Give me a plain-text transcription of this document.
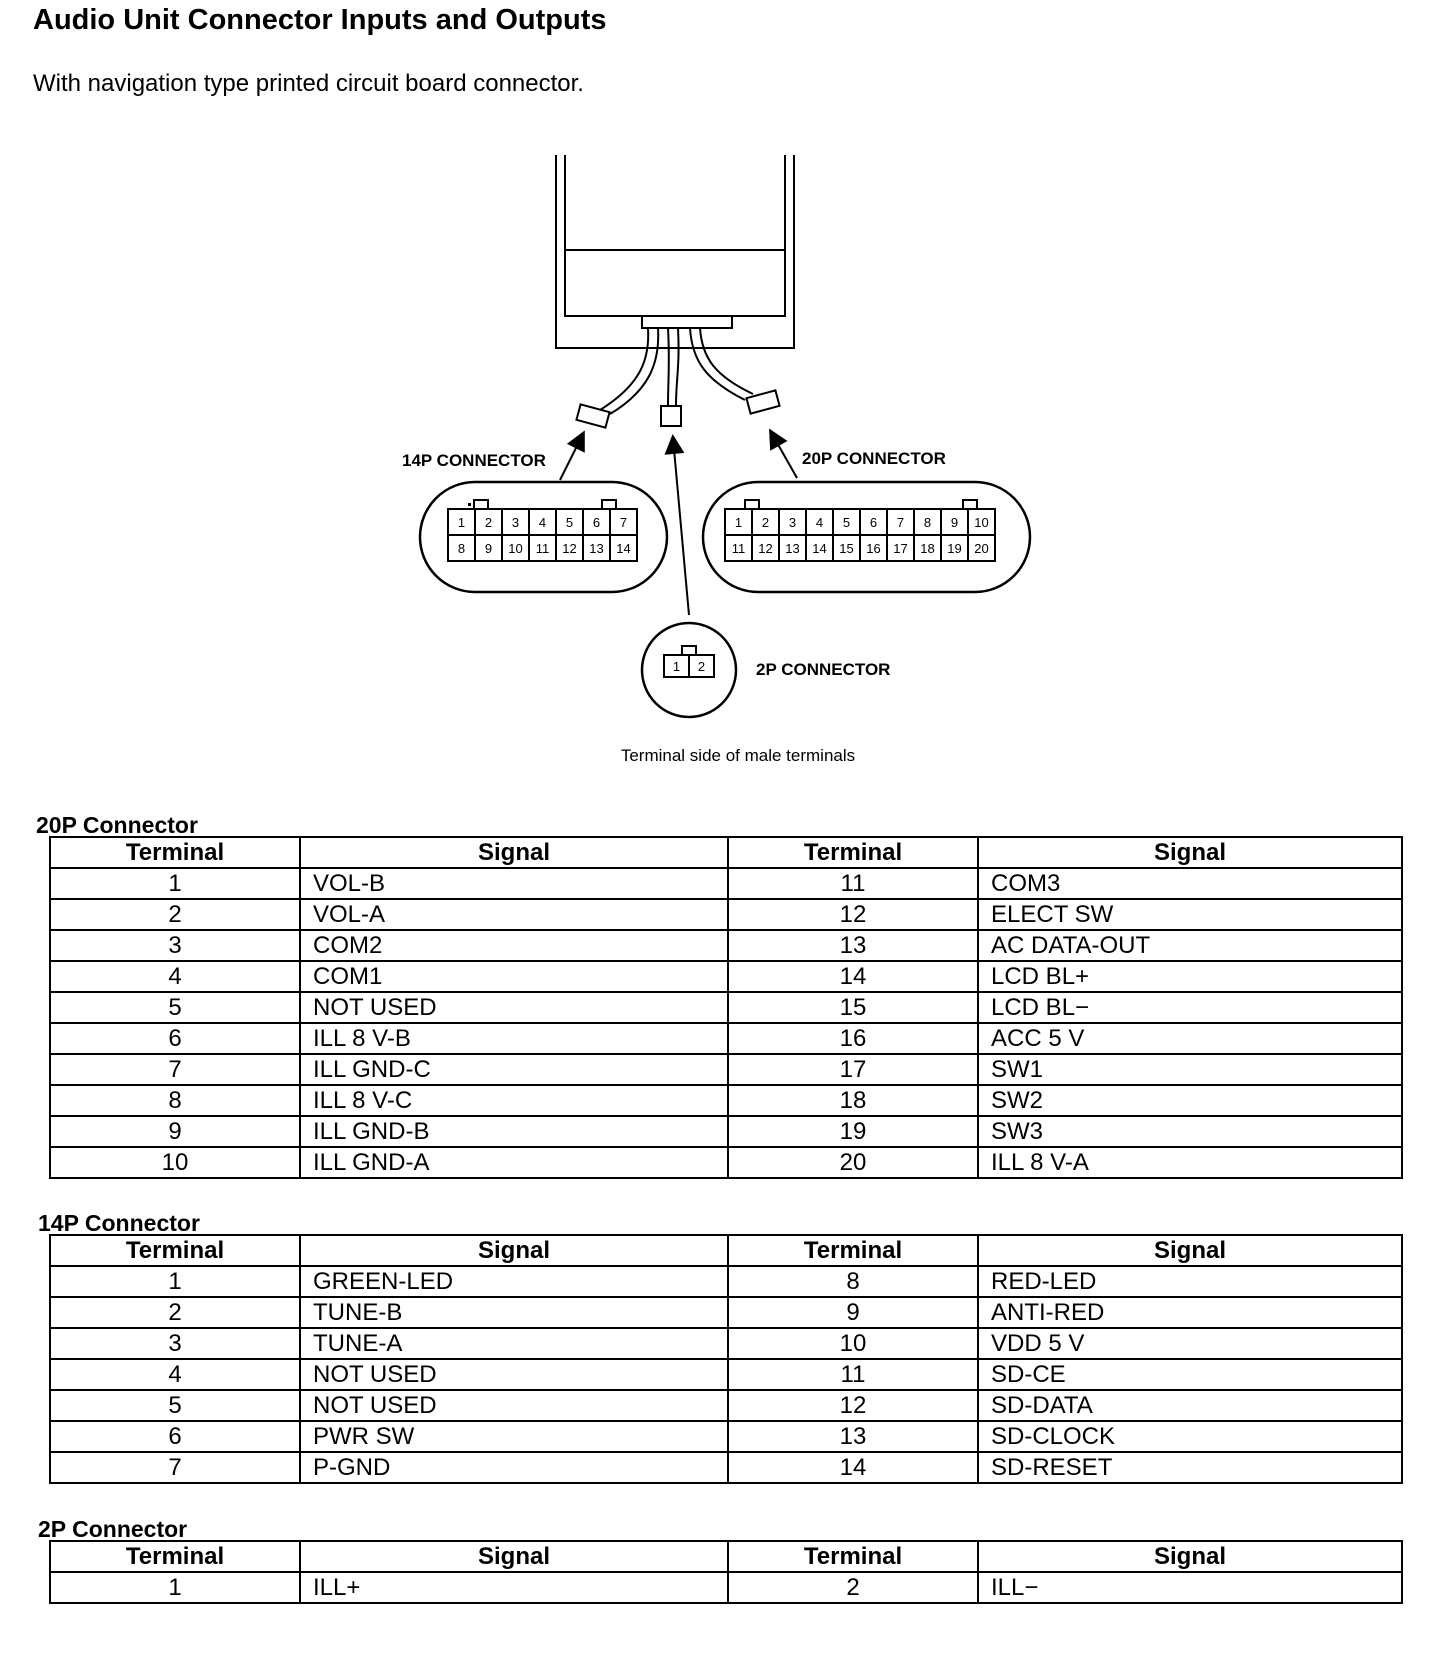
Audio Unit Connector Inputs and Outputs

With navigation type printed circuit board connector.

14P CONNECTOR	20P CONNECTOR
2P CONNECTOR
Terminal side of male terminals
1 2 3 4 5 6 7
8 9 10 11 12 13 14
1 2 3 4 5 6 7 8 9 10
11 12 13 14 15 16 17 18 19 20
1 2
20P Connector
Terminal	Signal	Terminal	Signal
1	VOL-B	11	COM3
2	VOL-A	12	ELECT SW
3	COM2	13	AC DATA-OUT
4	COM1	14	LCD BL+
5	NOT USED	15	LCD BL−
6	ILL 8 V-B	16	ACC 5 V
7	ILL GND-C	17	SW1
8	ILL 8 V-C	18	SW2
9	ILL GND-B	19	SW3
10	ILL GND-A	20	ILL 8 V-A
14P Connector
Terminal	Signal	Terminal	Signal
1	GREEN-LED	8	RED-LED
2	TUNE-B	9	ANTI-RED
3	TUNE-A	10	VDD 5 V
4	NOT USED	11	SD-CE
5	NOT USED	12	SD-DATA
6	PWR SW	13	SD-CLOCK
7	P-GND	14	SD-RESET
2P Connector
Terminal	Signal	Terminal	Signal
1	ILL+	2	ILL−
